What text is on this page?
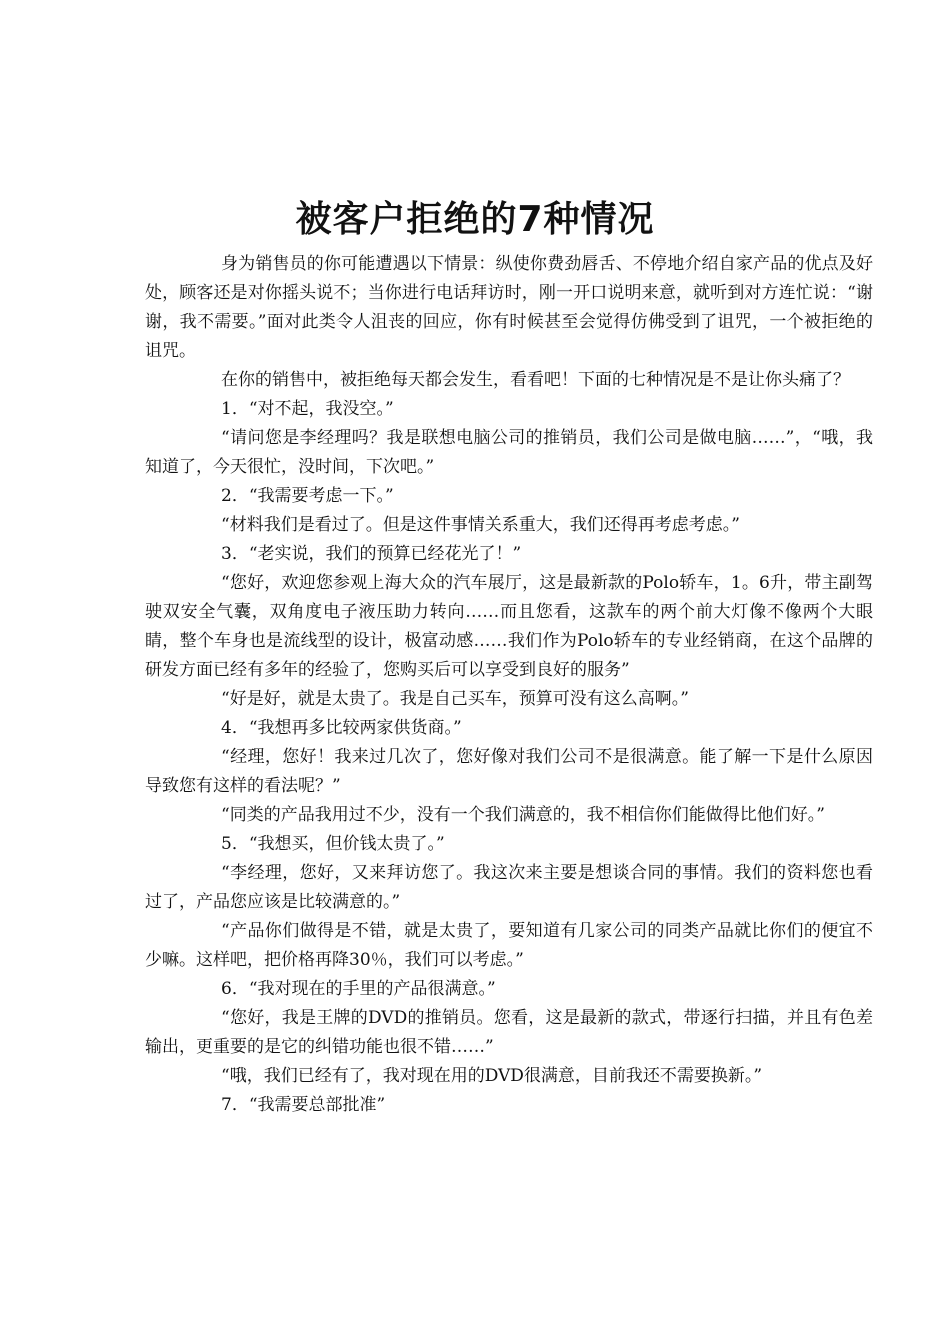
被客户拒绝的7种情况

身为销售员的你可能遭遇以下情景：纵使你费劲唇舌、不停地介绍自家产品的优点及好处，顾客还是对你摇头说不；当你进行电话拜访时，刚一开口说明来意，就听到对方连忙说：“谢谢，我不需要。”面对此类令人沮丧的回应，你有时候甚至会觉得仿佛受到了诅咒，一个被拒绝的诅咒。

在你的销售中，被拒绝每天都会发生，看看吧！下面的七种情况是不是让你头痛了？

1．“对不起，我没空。”

“请问您是李经理吗？我是联想电脑公司的推销员，我们公司是做电脑……”，“哦，我知道了，今天很忙，没时间，下次吧。”

2．“我需要考虑一下。”

“材料我们是看过了。但是这件事情关系重大，我们还得再考虑考虑。”

3．“老实说，我们的预算已经花光了！”

“您好，欢迎您参观上海大众的汽车展厅，这是最新款的Polo轿车，1。6升，带主副驾驶双安全气囊，双角度电子液压助力转向……而且您看，这款车的两个前大灯像不像两个大眼睛，整个车身也是流线型的设计，极富动感……我们作为Polo轿车的专业经销商，在这个品牌的研发方面已经有多年的经验了，您购买后可以享受到良好的服务”

“好是好，就是太贵了。我是自己买车，预算可没有这么高啊。”

4．“我想再多比较两家供货商。”

“经理，您好！我来过几次了，您好像对我们公司不是很满意。能了解一下是什么原因导致您有这样的看法呢？”

“同类的产品我用过不少，没有一个我们满意的，我不相信你们能做得比他们好。”

5．“我想买，但价钱太贵了。”

“李经理，您好，又来拜访您了。我这次来主要是想谈合同的事情。我们的资料您也看过了，产品您应该是比较满意的。”

“产品你们做得是不错，就是太贵了，要知道有几家公司的同类产品就比你们的便宜不少嘛。这样吧，把价格再降30％，我们可以考虑。”

6．“我对现在的手里的产品很满意。”

“您好，我是王牌的DVD的推销员。您看，这是最新的款式，带逐行扫描，并且有色差输出，更重要的是它的纠错功能也很不错……”

“哦，我们已经有了，我对现在用的DVD很满意，目前我还不需要换新。”

7．“我需要总部批准”
